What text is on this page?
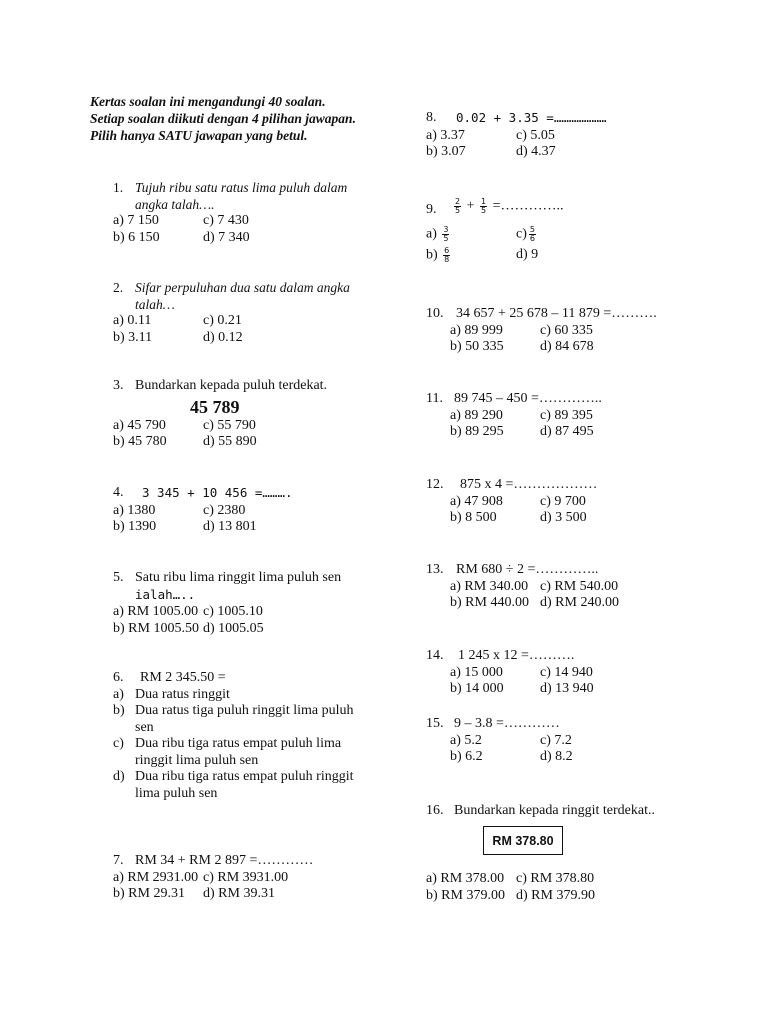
Kertas soalan ini mengandungi 40 soalan.
Setiap soalan diikuti dengan 4 pilihan jawapan.
Pilih hanya SATU jawapan yang betul.
1. Tujuh ribu satu ratus lima puluh dalam
angka talah….
a) 7 150	c) 7 430
b) 6 150	d) 7 340
2. Sifar perpuluhan dua satu dalam angka
talah…
a) 0.11	c) 0.21
b) 3.11	d) 0.12
3. Bundarkan kepada puluh terdekat.
45 789
a) 45 790	c) 55 790
b) 45 780	d) 55 890
4. 3 345 + 10 456 =……….
a) 1380	c) 2380
b) 1390	d) 13 801
5. Satu ribu lima ringgit lima puluh sen
ialah…..
a) RM 1005.00 c) 1005.10
b) RM 1005.50 d) 1005.05
6. RM 2 345.50 =
a) Dua ratus ringgit
b) Dua ratus tiga puluh ringgit lima puluh
sen
c) Dua ribu tiga ratus empat puluh lima
ringgit lima puluh sen
d) Dua ribu tiga ratus empat puluh ringgit
lima puluh sen
7. RM 34 + RM 2 897 =…………
a) RM 2931.00 c) RM 3931.00
b) RM 29.31	d) RM 39.31
8. 0.02 + 3.35 =…………………
a) 3.37	c) 5.05
b) 3.07	d) 4.37
9. $\frac{2}{5} + \frac{1}{5}$ =…………..
$a) \frac{3}{5}$	$c) \frac{5}{6}$
$b) \frac{6}{8}$	d) 9
10. 34 657 + 25 678 – 11 879 =……….
a) 89 999	c) 60 335
b) 50 335	d) 84 678
11. 89 745 – 450 =…………..
a) 89 290	c) 89 395
b) 89 295	d) 87 495
12. 875 x 4 =………………
a) 47 908	c) 9 700
b) 8 500	d) 3 500
13. RM 680 ÷ 2 =…………..
a) RM 340.00 c) RM 540.00
b) RM 440.00 d) RM 240.00
14. 1 245 x 12 =……….
a) 15 000	c) 14 940
b) 14 000	d) 13 940
15. 9 – 3.8 =…………
a) 5.2	c) 7.2
b) 6.2	d) 8.2
16. Bundarkan kepada ringgit terdekat..
RM 378.80
a) RM 378.00 c) RM 378.80
b) RM 379.00 d) RM 379.90
